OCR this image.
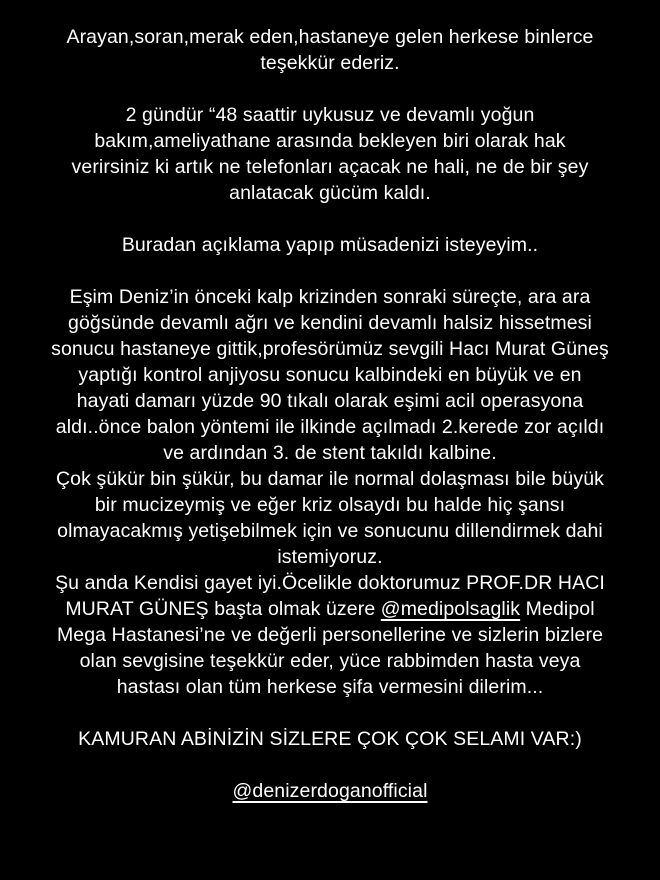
Arayan,soran,merak eden,hastaneye gelen herkese binlerce
teşekkür ederiz.
2 gündür “48 saattir uykusuz ve devamlı yoğun
bakım,ameliyathane arasında bekleyen biri olarak hak
verirsiniz ki artık ne telefonları açacak ne hali, ne de bir şey
anlatacak gücüm kaldı.
Buradan açıklama yapıp müsadenizi isteyeyim..
Eşim Deniz’in önceki kalp krizinden sonraki süreçte, ara ara
göğsünde devamlı ağrı ve kendini devamlı halsiz hissetmesi
sonucu hastaneye gittik,profesörümüz sevgili Hacı Murat Güneş
yaptığı kontrol anjiyosu sonucu kalbindeki en büyük ve en
hayati damarı yüzde 90 tıkalı olarak eşimi acil operasyona
aldı..önce balon yöntemi ile ilkinde açılmadı 2.kerede zor açıldı
ve ardından 3. de stent takıldı kalbine.
Çok şükür bin şükür, bu damar ile normal dolaşması bile büyük
bir mucizeymiş ve eğer kriz olsaydı bu halde hiç şansı
olmayacakmış yetişebilmek için ve sonucunu dillendirmek dahi
istemiyoruz.
Şu anda Kendisi gayet iyi.Öcelikle doktorumuz PROF.DR HACI
MURAT GÜNEŞ başta olmak üzere @medipolsaglik Medipol
Mega Hastanesi’ne ve değerli personellerine ve sizlerin bizlere
olan sevgisine teşekkür eder, yüce rabbimden hasta veya
hastası olan tüm herkese şifa vermesini dilerim...
KAMURAN ABİNİZİN SİZLERE ÇOK ÇOK SELAMI VAR:)
@denizerdoganofficial
